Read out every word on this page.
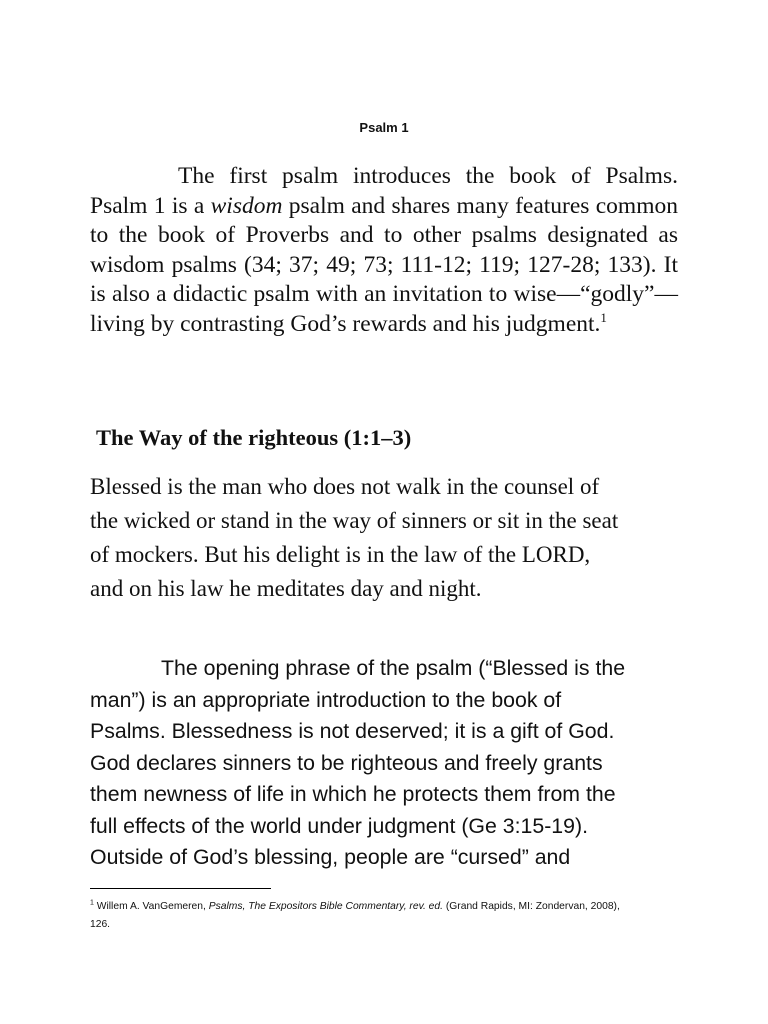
Psalm 1

The first psalm introduces the book of Psalms. Psalm 1 is a wisdom psalm and shares many features common to the book of Proverbs and to other psalms designated as wisdom psalms (34; 37; 49; 73; 111-12; 119; 127-28; 133). It is also a didactic psalm with an invitation to wise—“godly”—living by contrasting God’s rewards and his judgment.$^1$

The Way of the righteous (1:1–3)
Blessed is the man who does not walk in the counsel of
the wicked or stand in the way of sinners or sit in the seat
of mockers. But his delight is in the law of the LORD,
and on his law he meditates day and night.
The opening phrase of the psalm (“Blessed is the
man”) is an appropriate introduction to the book of
Psalms. Blessedness is not deserved; it is a gift of God.
God declares sinners to be righteous and freely grants
them newness of life in which he protects them from the
full effects of the world under judgment (Ge 3:15-19).
Outside of God’s blessing, people are “cursed” and
$^1$ Willem A. VanGemeren, Psalms, The Expositors Bible Commentary, rev. ed. (Grand Rapids, MI: Zondervan, 2008),
126.
